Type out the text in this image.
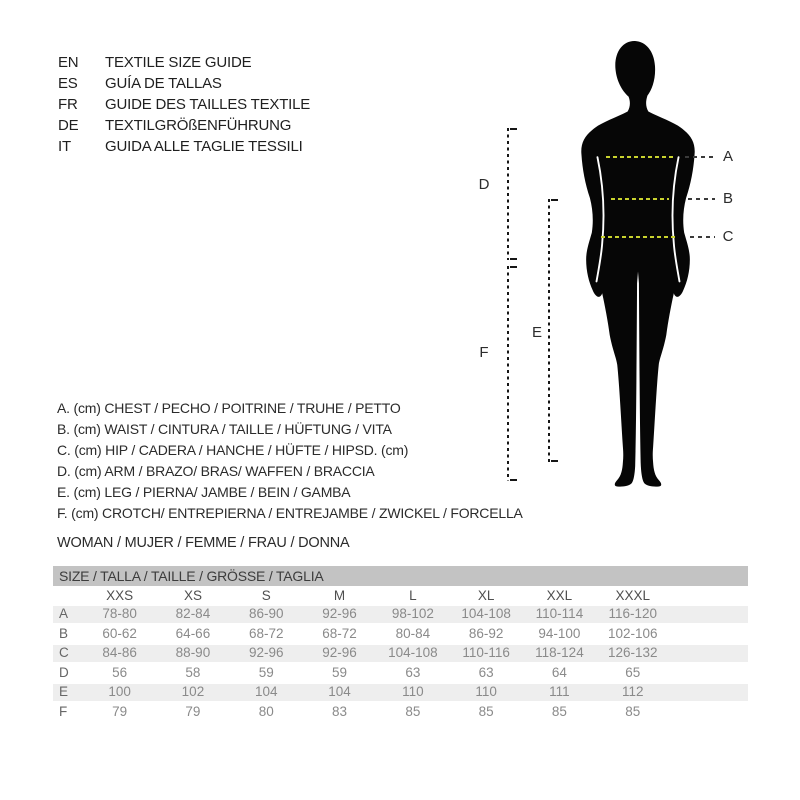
EN	TEXTILE SIZE GUIDE
ES	GUÍA DE TALLAS
FR	GUIDE DES TAILLES TEXTILE
DE	TEXTILGRÖßENFÜHRUNG
IT	GUIDA ALLE TAGLIE TESSILI
A
B
C
D
F
E
A. (cm) CHEST / PECHO / POITRINE / TRUHE / PETTO
B. (cm) WAIST / CINTURA / TAILLE / HÜFTUNG / VITA
C. (cm) HIP / CADERA / HANCHE / HÜFTE / HIPSD. (cm)
D. (cm) ARM / BRAZO/ BRAS/ WAFFEN / BRACCIA
E. (cm) LEG / PIERNA/ JAMBE / BEIN / GAMBA
F. (cm) CROTCH/ ENTREPIERNA / ENTREJAMBE / ZWICKEL / FORCELLA
WOMAN / MUJER / FEMME / FRAU / DONNA
SIZE / TALLA / TAILLE / GRÖSSE / TAGLIA
XXS	XS	S	M	L	XL	XXL	XXXL
A	78-80	82-84	86-90	92-96	98-102	104-108	110-114	116-120
B	60-62	64-66	68-72	68-72	80-84	86-92	94-100	102-106
C	84-86	88-90	92-96	92-96	104-108	110-116	118-124	126-132
D	56	58	59	59	63	63	64	65
E	100	102	104	104	110	110	111	112
F	79	79	80	83	85	85	85	85
